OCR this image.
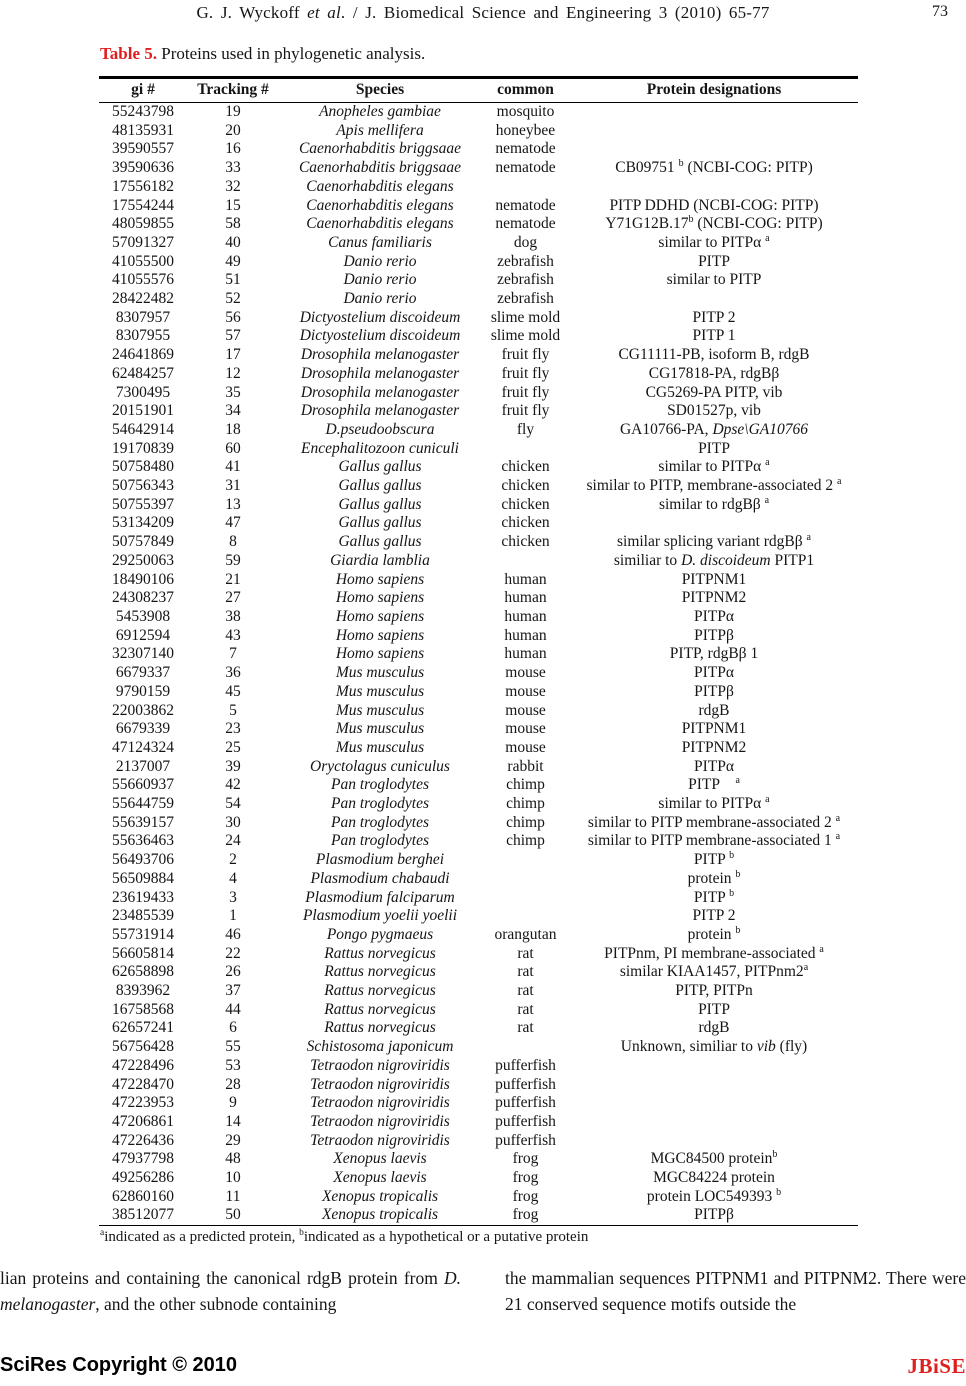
G. J. Wyckoff et al. / J. Biomedical Science and Engineering 3 (2010) 65-77	73
Table 5. Proteins used in phylogenetic analysis.
gi #	Tracking #	Species	common	Protein designations
55243798	19	Anopheles gambiae	mosquito	
48135931	20	Apis mellifera	honeybee	
39590557	16	Caenorhabditis briggsaae	nematode	
39590636	33	Caenorhabditis briggsaae	nematode	CB09751 $^b$ (NCBI-COG: PITP)
17556182	32	Caenorhabditis elegans		
17554244	15	Caenorhabditis elegans	nematode	PITP DDHD (NCBI-COG: PITP)
48059855	58	Caenorhabditis elegans	nematode	Y71G12B.17$^b$ (NCBI-COG: PITP)
57091327	40	Canus familiaris	dog	similar to PITPα $^a$
41055500	49	Danio rerio	zebrafish	PITP
41055576	51	Danio rerio	zebrafish	similar to PITP
28422482	52	Danio rerio	zebrafish	
8307957	56	Dictyostelium discoideum	slime mold	PITP 2
8307955	57	Dictyostelium discoideum	slime mold	PITP 1
24641869	17	Drosophila melanogaster	fruit fly	CG11111-PB, isoform B, rdgB
62484257	12	Drosophila melanogaster	fruit fly	CG17818-PA, rdgBβ
7300495	35	Drosophila melanogaster	fruit fly	CG5269-PA PITP, vib
20151901	34	Drosophila melanogaster	fruit fly	SD01527p, vib
54642914	18	D.pseudoobscura	fly	GA10766-PA, Dpse\GA10766
19170839	60	Encephalitozoon cuniculi		PITP
50758480	41	Gallus gallus	chicken	similar to PITPα $^a$
50756343	31	Gallus gallus	chicken	similar to PITP, membrane-associated 2 $^a$
50755397	13	Gallus gallus	chicken	similar to rdgBβ $^a$
53134209	47	Gallus gallus	chicken	
50757849	8	Gallus gallus	chicken	similar splicing variant rdgBβ $^a$
29250063	59	Giardia lamblia		similiar to D. discoideum PITP1
18490106	21	Homo sapiens	human	PITPNM1
24308237	27	Homo sapiens	human	PITPNM2
5453908	38	Homo sapiens	human	PITPα
6912594	43	Homo sapiens	human	PITPβ
32307140	7	Homo sapiens	human	PITP, rdgBβ 1
6679337	36	Mus musculus	mouse	PITPα
9790159	45	Mus musculus	mouse	PITPβ
22003862	5	Mus musculus	mouse	rdgB
6679339	23	Mus musculus	mouse	PITPNM1
47124324	25	Mus musculus	mouse	PITPNM2
2137007	39	Oryctolagus cuniculus	rabbit	PITPα
55660937	42	Pan troglodytes	chimp	PITP  $^a$
55644759	54	Pan troglodytes	chimp	similar to PITPα $^a$
55639157	30	Pan troglodytes	chimp	similar to PITP membrane-associated 2 $^a$
55636463	24	Pan troglodytes	chimp	similar to PITP membrane-associated 1 $^a$
56493706	2	Plasmodium berghei		PITP $^b$
56509884	4	Plasmodium chabaudi		protein $^b$
23619433	3	Plasmodium falciparum		PITP $^b$
23485539	1	Plasmodium yoelii yoelii		PITP 2
55731914	46	Pongo pygmaeus	orangutan	protein $^b$
56605814	22	Rattus norvegicus	rat	PITPnm, PI membrane-associated $^a$
62658898	26	Rattus norvegicus	rat	similar KIAA1457, PITPnm2$^a$
8393962	37	Rattus norvegicus	rat	PITP, PITPn
16758568	44	Rattus norvegicus	rat	PITP
62657241	6	Rattus norvegicus	rat	rdgB
56756428	55	Schistosoma japonicum		Unknown, similiar to vib (fly)
47228496	53	Tetraodon nigroviridis	pufferfish	
47228470	28	Tetraodon nigroviridis	pufferfish	
47223953	9	Tetraodon nigroviridis	pufferfish	
47206861	14	Tetraodon nigroviridis	pufferfish	
47226436	29	Tetraodon nigroviridis	pufferfish	
47937798	48	Xenopus laevis	frog	MGC84500 protein$^b$
49256286	10	Xenopus laevis	frog	MGC84224 protein
62860160	11	Xenopus tropicalis	frog	protein LOC549393 $^b$
38512077	50	Xenopus tropicalis	frog	PITPβ
$^a$indicated as a predicted protein, $^b$indicated as a hypothetical or a putative protein
lian proteins and containing the canonical rdgB protein from D. melanogaster, and the other subnode containing
the mammalian sequences PITPNM1 and PITPNM2. There were 21 conserved sequence motifs outside the
SciRes Copyright © 2010	JBiSE
